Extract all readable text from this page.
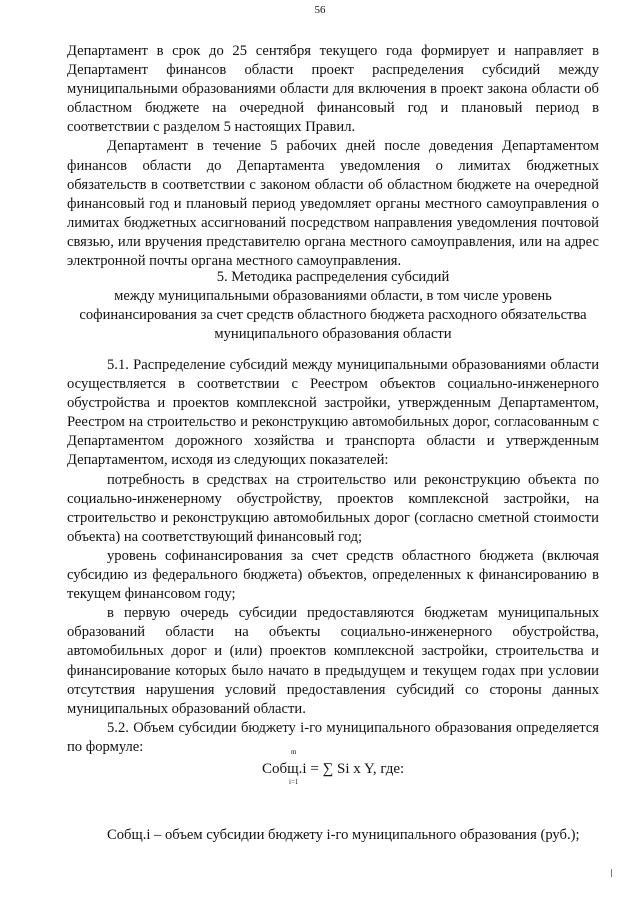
56

Департамент в срок до 25 сентября текущего года формирует и направляет в Департамент финансов области проект распределения субсидий между муниципальными образованиями области для включения в проект закона области об областном бюджете на очередной финансовый год и плановый период в соответствии с разделом 5 настоящих Правил.

Департамент в течение 5 рабочих дней после доведения Департаментом финансов области до Департамента уведомления о лимитах бюджетных обязательств в соответствии с законом области об областном бюджете на очередной финансовый год и плановый период уведомляет органы местного самоуправления о лимитах бюджетных ассигнований посредством направления уведомления почтовой связью, или вручения представителю органа местного самоуправления, или на адрес электронной почты органа местного самоуправления.

5. Методика распределения субсидий
между муниципальными образованиями области, в том числе уровень софинансирования за счет средств областного бюджета расходного обязательства муниципального образования области

5.1. Распределение субсидий между муниципальными образованиями области осуществляется в соответствии с Реестром объектов социально-инженерного обустройства и проектов комплексной застройки, утвержденным Департаментом, Реестром на строительство и реконструкцию автомобильных дорог, согласованным с Департаментом дорожного хозяйства и транспорта области и утвержденным Департаментом, исходя из следующих показателей:

потребность в средствах на строительство или реконструкцию объекта по социально-инженерному обустройству, проектов комплексной застройки, на строительство и реконструкцию автомобильных дорог (согласно сметной стоимости объекта) на соответствующий финансовый год;

уровень софинансирования за счет средств областного бюджета (включая субсидию из федерального бюджета) объектов, определенных к финансированию в текущем финансовом году;

в первую очередь субсидии предоставляются бюджетам муниципальных образований области на объекты социально-инженерного обустройства, автомобильных дорог и (или) проектов комплексной застройки, строительства и финансирование которых было начато в предыдущем и текущем годах при условии отсутствия нарушения условий предоставления субсидий со стороны данных муниципальных образований области.

5.2. Объем субсидии бюджету i-го муниципального образования определяется по формуле:	m
Собщ.i = ∑ Si x Y, где:
i=1

Собщ.i – объем субсидии бюджету i-го муниципального образования (руб.);
